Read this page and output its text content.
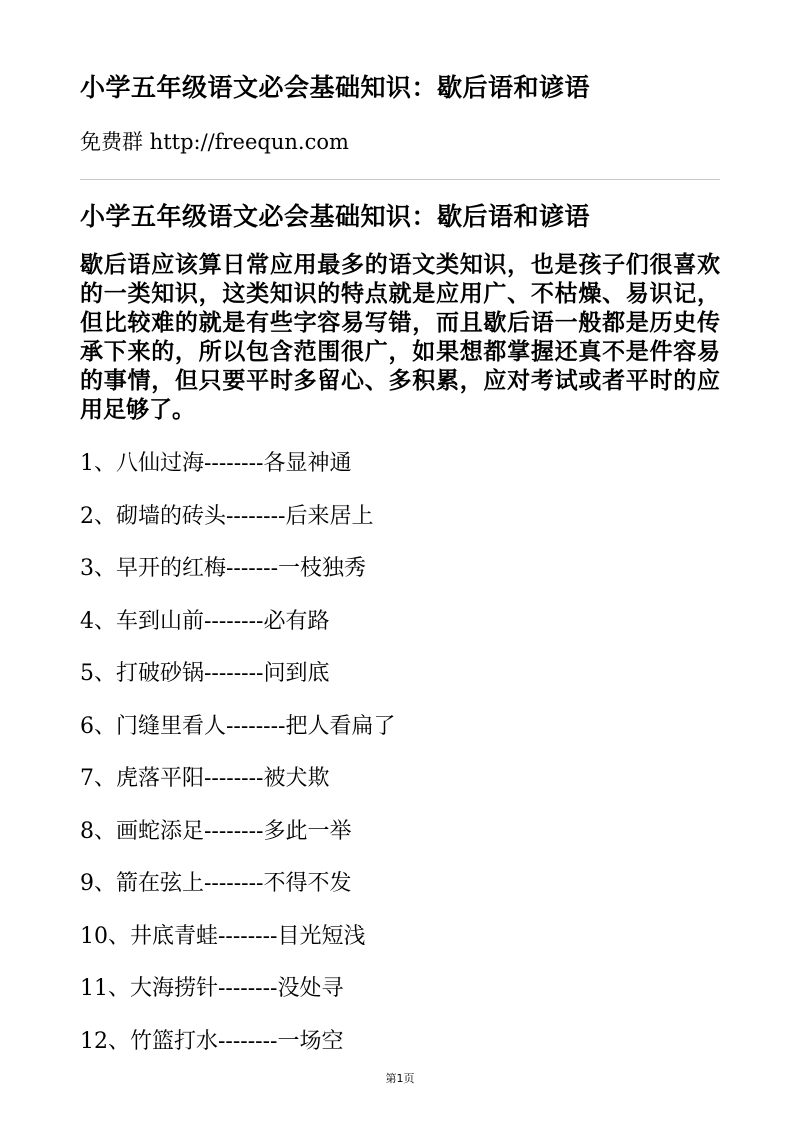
小学五年级语文必会基础知识：歇后语和谚语
免费群 http://freequn.com
小学五年级语文必会基础知识：歇后语和谚语

歇后语应该算日常应用最多的语文类知识，也是孩子们很喜欢的一类知识，这类知识的特点就是应用广、不枯燥、易识记，但比较难的就是有些字容易写错，而且歇后语一般都是历史传承下来的，所以包含范围很广，如果想都掌握还真不是件容易的事情，但只要平时多留心、多积累，应对考试或者平时的应用足够了。

1、八仙过海--------各显神通
2、砌墙的砖头--------后来居上
3、早开的红梅-------一枝独秀
4、车到山前--------必有路
5、打破砂锅--------问到底
6、门缝里看人--------把人看扁了
7、虎落平阳--------被犬欺
8、画蛇添足--------多此一举
9、箭在弦上--------不得不发
10、井底青蛙--------目光短浅
11、大海捞针--------没处寻
12、竹篮打水--------一场空
第1页
